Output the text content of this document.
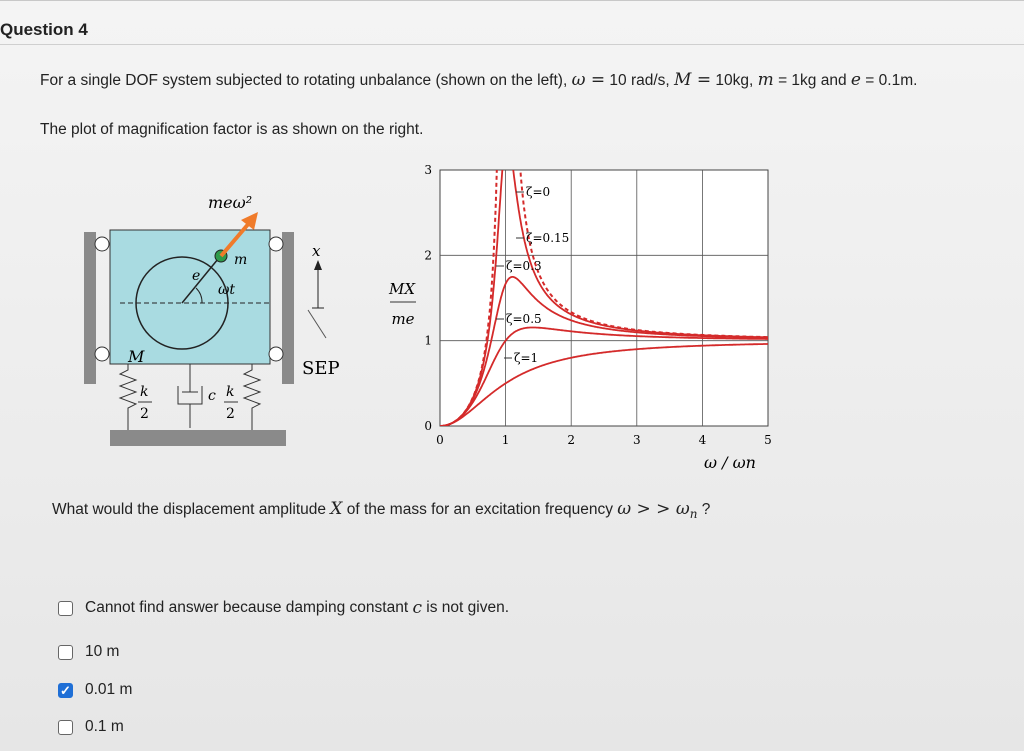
Question 4
For a single DOF system subjected to rotating unbalance (shown on the left), ω = 10 rad/s, M = 10kg, m = 1kg and e = 0.1m.
The plot of magnification factor is as shown on the right.
meω²
m
e
ωt
M
x
SEP
k
2
c k
2
MX
me
ω / ωn
0	1	2	3	4	5
0
1
2
3
ζ=0
ζ=0.15
ζ=0.3
ζ=0.5
ζ=1
What would the displacement amplitude X of the mass for an excitation frequency ω > > $\omega_n$ ?
Cannot find answer because damping constant
c
is not given.
10 m
✓ 0.01 m
0.1 m
